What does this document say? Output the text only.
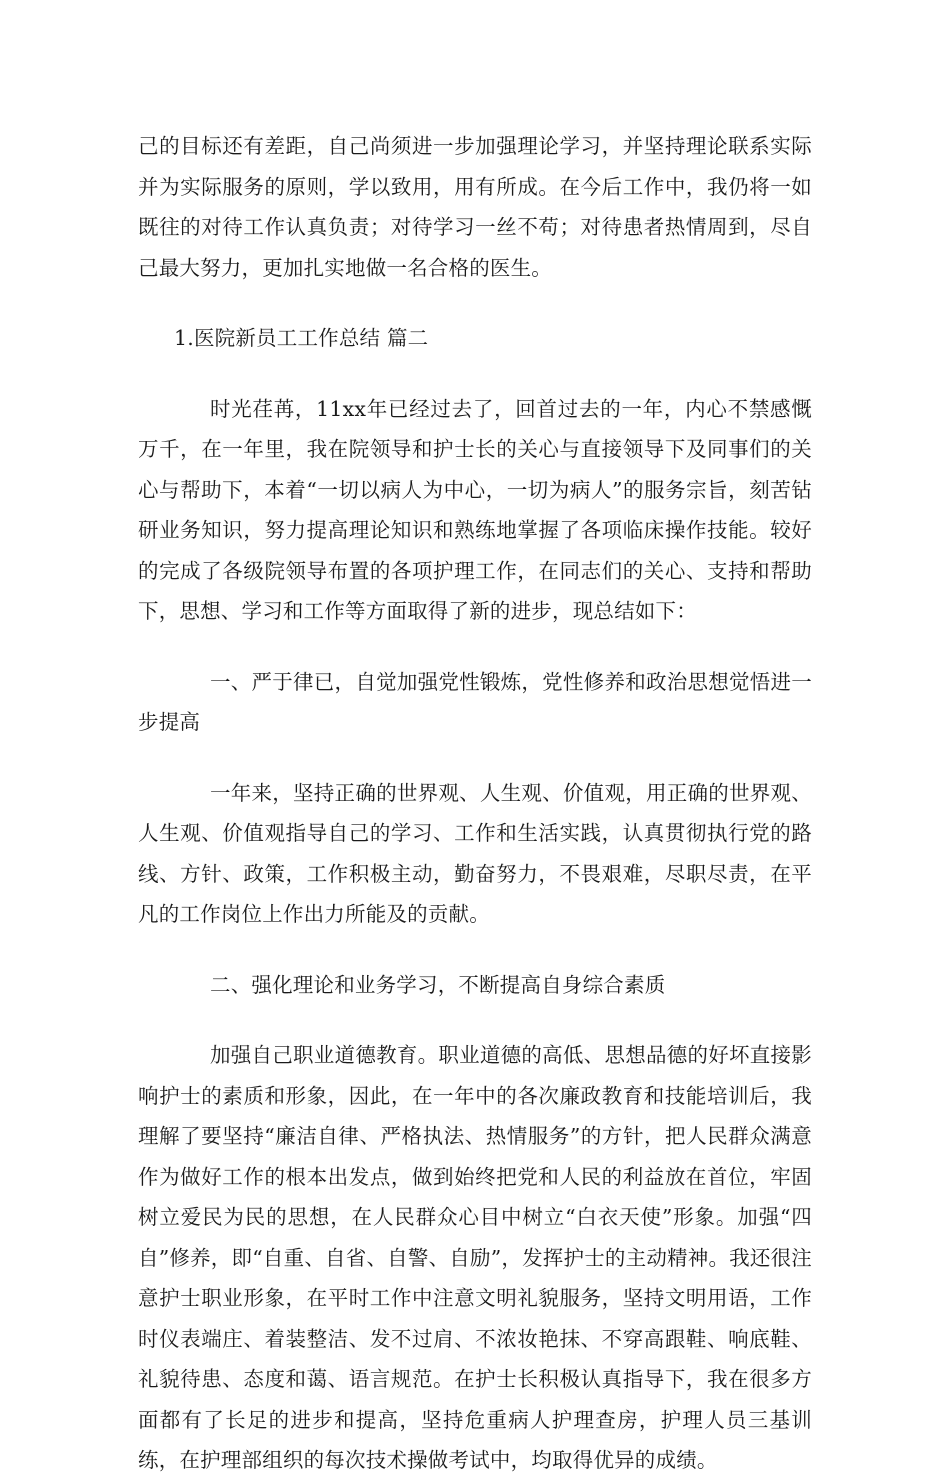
己的目标还有差距，自己尚须进一步加强理论学习，并坚持理论联系实际并为实际服务的原则，学以致用，用有所成。在今后工作中，我仍将一如既往的对待工作认真负责；对待学习一丝不苟；对待患者热情周到，尽自己最大努力，更加扎实地做一名合格的医生。

1.医院新员工工作总结 篇二

时光荏苒，11xx年已经过去了，回首过去的一年，内心不禁感慨万千，在一年里，我在院领导和护士长的关心与直接领导下及同事们的关心与帮助下，本着“一切以病人为中心，一切为病人”的服务宗旨，刻苦钻研业务知识，努力提高理论知识和熟练地掌握了各项临床操作技能。较好的完成了各级院领导布置的各项护理工作，在同志们的关心、支持和帮助下，思想、学习和工作等方面取得了新的进步，现总结如下：

一、严于律已，自觉加强党性锻炼，党性修养和政治思想觉悟进一步提高

一年来，坚持正确的世界观、人生观、价值观，用正确的世界观、人生观、价值观指导自己的学习、工作和生活实践，认真贯彻执行党的路线、方针、政策，工作积极主动，勤奋努力，不畏艰难，尽职尽责，在平凡的工作岗位上作出力所能及的贡献。

二、强化理论和业务学习，不断提高自身综合素质

加强自己职业道德教育。职业道德的高低、思想品德的好坏直接影响护士的素质和形象，因此，在一年中的各次廉政教育和技能培训后，我理解了要坚持“廉洁自律、严格执法、热情服务”的方针，把人民群众满意作为做好工作的根本出发点，做到始终把党和人民的利益放在首位，牢固树立爱民为民的思想，在人民群众心目中树立“白衣天使”形象。加强“四自”修养，即“自重、自省、自警、自励”，发挥护士的主动精神。我还很注意护士职业形象，在平时工作中注意文明礼貌服务，坚持文明用语，工作时仪表端庄、着装整洁、发不过肩、不浓妆艳抹、不穿高跟鞋、响底鞋、礼貌待患、态度和蔼、语言规范。在护士长积极认真指导下，我在很多方面都有了长足的进步和提高，坚持危重病人护理查房，护理人员三基训练，在护理部组织的每次技术操做考试中，均取得优异的成绩。
